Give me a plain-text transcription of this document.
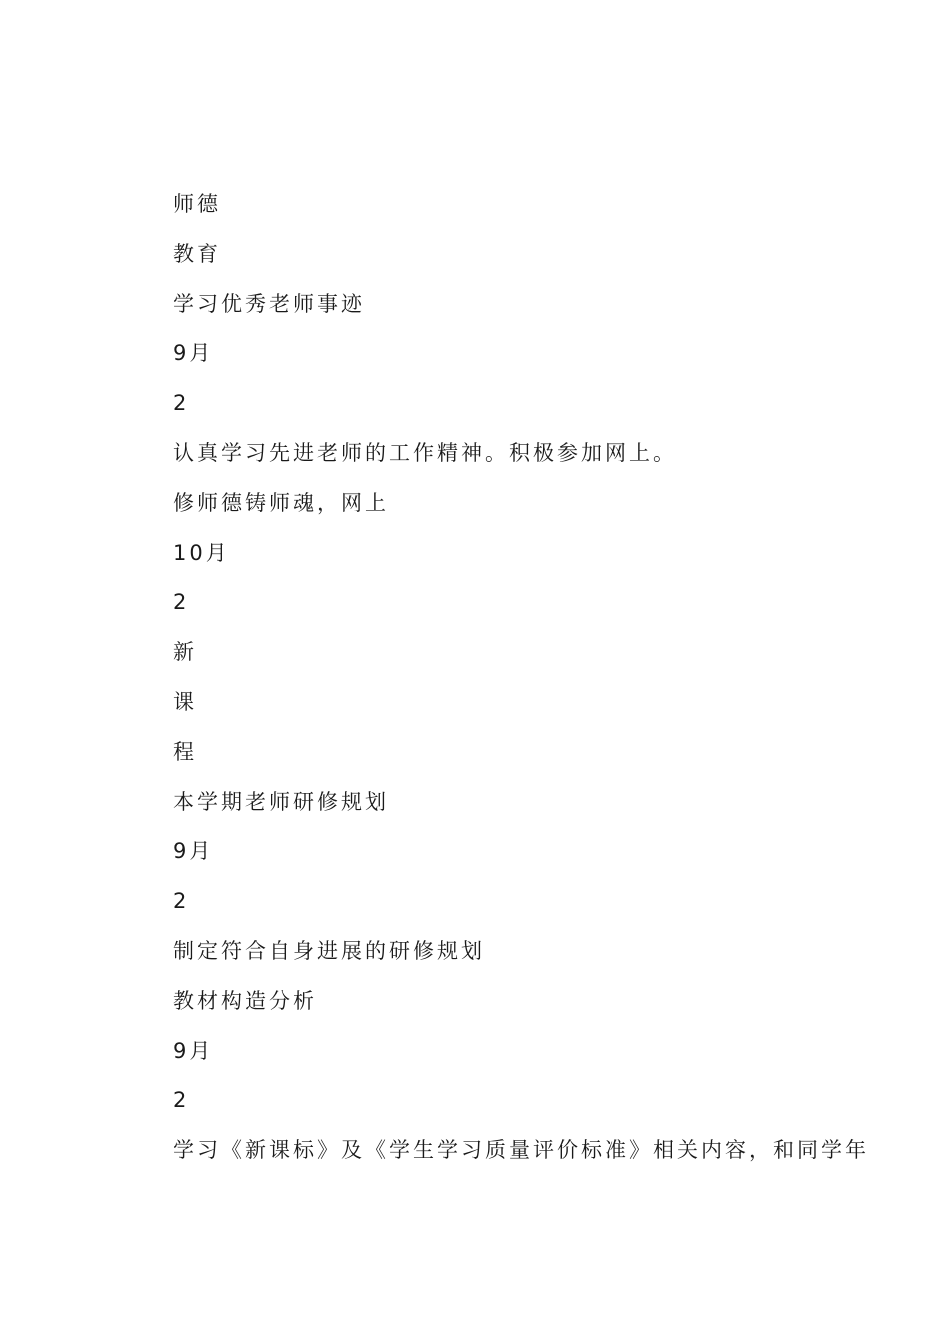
师德
教育
学习优秀老师事迹
9月
2
认真学习先进老师的工作精神。积极参加网上。
修师德铸师魂，网上
10月
2
新
课
程
本学期老师研修规划
9月
2
制定符合自身进展的研修规划
教材构造分析
9月
2
学习《新课标》及《学生学习质量评价标准》相关内容，和同学年
